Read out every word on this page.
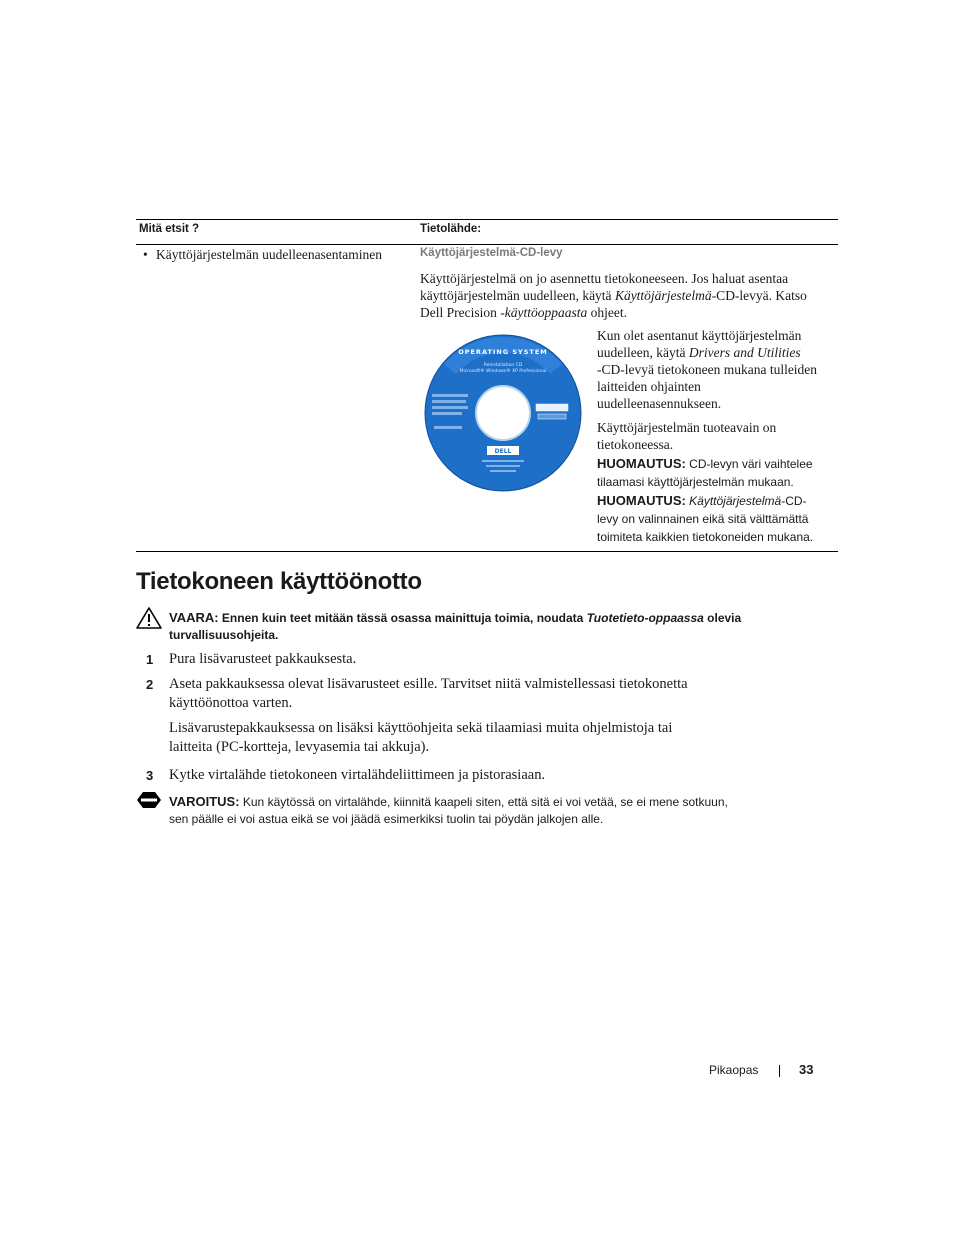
Mitä etsit ?	Tietolähde:
• Käyttöjärjestelmän uudelleenasentaminen	Käyttöjärjestelmä-CD-levy
Käyttöjärjestelmä on jo asennettu tietokoneeseen. Jos haluat asentaa
käyttöjärjestelmän uudelleen, käytä Käyttöjärjestelmä-CD-levyä. Katso
Dell Precision -käyttöoppaasta ohjeet.
OPERATING SYSTEM
Reinstallation CD
Microsoft® Windows® XP Professional
DELL
Kun olet asentanut käyttöjärjestelmän
uudelleen, käytä Drivers and Utilities
-CD-levyä tietokoneen mukana tulleiden
laitteiden ohjainten
uudelleenasennukseen.
Käyttöjärjestelmän tuoteavain on
tietokoneessa.
HUOMAUTUS: CD-levyn väri vaihtelee
tilaamasi käyttöjärjestelmän mukaan.
HUOMAUTUS: Käyttöjärjestelmä-CD-
levy on valinnainen eikä sitä välttämättä
toimiteta kaikkien tietokoneiden mukana.
Tietokoneen käyttöönotto
VAARA: Ennen kuin teet mitään tässä osassa mainittuja toimia, noudata Tuotetieto-oppaassa olevia
turvallisuusohjeita.
1 Pura lisävarusteet pakkauksesta.
2 Aseta pakkauksessa olevat lisävarusteet esille. Tarvitset niitä valmistellessasi tietokonetta
käyttöönottoa varten.
Lisävarustepakkauksessa on lisäksi käyttöohjeita sekä tilaamiasi muita ohjelmistoja tai
laitteita (PC-kortteja, levyasemia tai akkuja).
3 Kytke virtalähde tietokoneen virtalähdeliittimeen ja pistorasiaan.
VAROITUS: Kun käytössä on virtalähde, kiinnitä kaapeli siten, että sitä ei voi vetää, se ei mene sotkuun,
sen päälle ei voi astua eikä se voi jäädä esimerkiksi tuolin tai pöydän jalkojen alle.
Pikaopas	33
